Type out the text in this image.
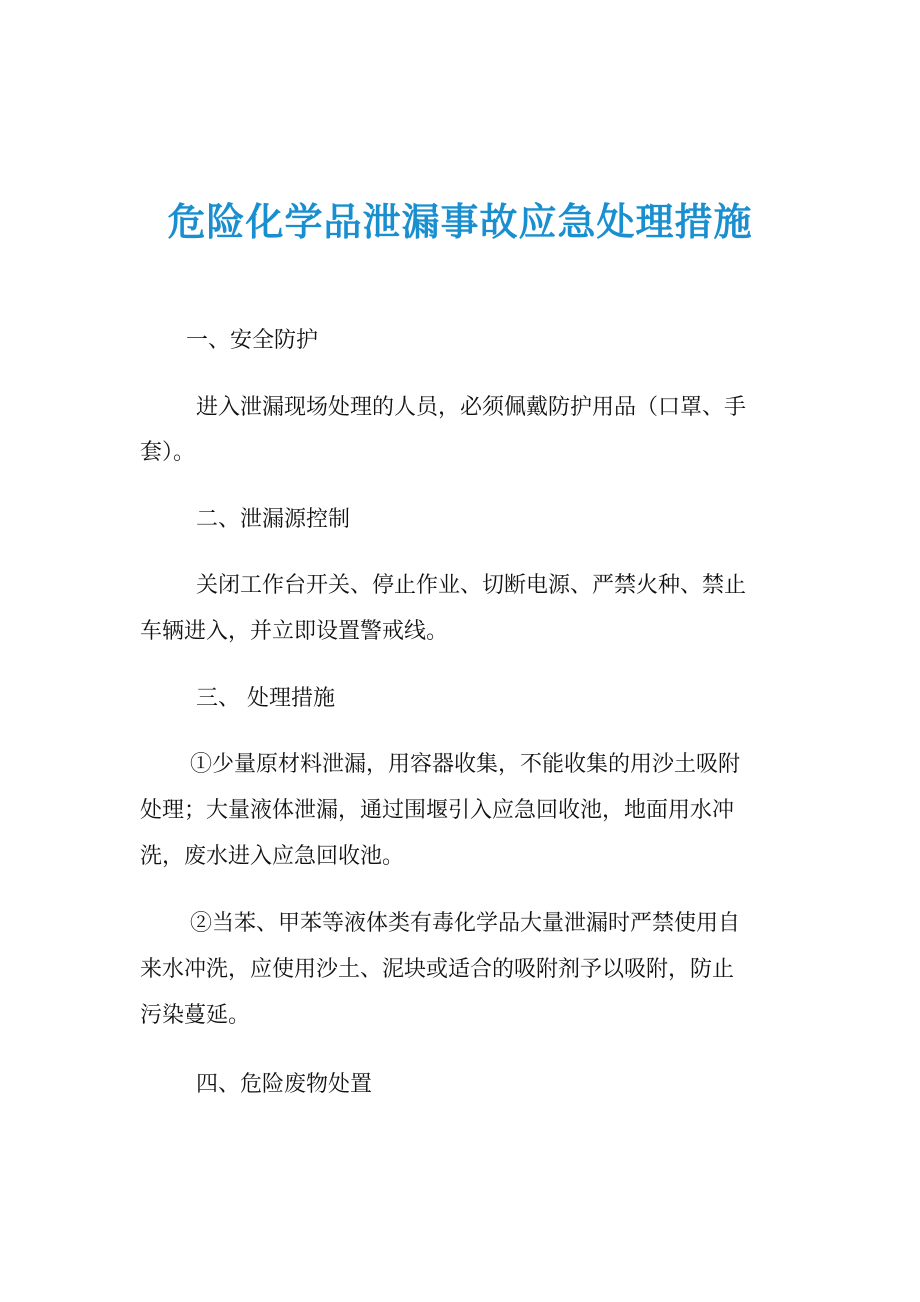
危险化学品泄漏事故应急处理措施
一、安全防护
进入泄漏现场处理的人员，必须佩戴防护用品（口罩、手
套）。
二、泄漏源控制
关闭工作台开关、停止作业、切断电源、严禁火种、禁止
车辆进入，并立即设置警戒线。
三、 处理措施
①少量原材料泄漏，用容器收集，不能收集的用沙土吸附
处理；大量液体泄漏，通过围堰引入应急回收池，地面用水冲
洗，废水进入应急回收池。
②当苯、甲苯等液体类有毒化学品大量泄漏时严禁使用自
来水冲洗，应使用沙土、泥块或适合的吸附剂予以吸附，防止
污染蔓延。
四、危险废物处置
